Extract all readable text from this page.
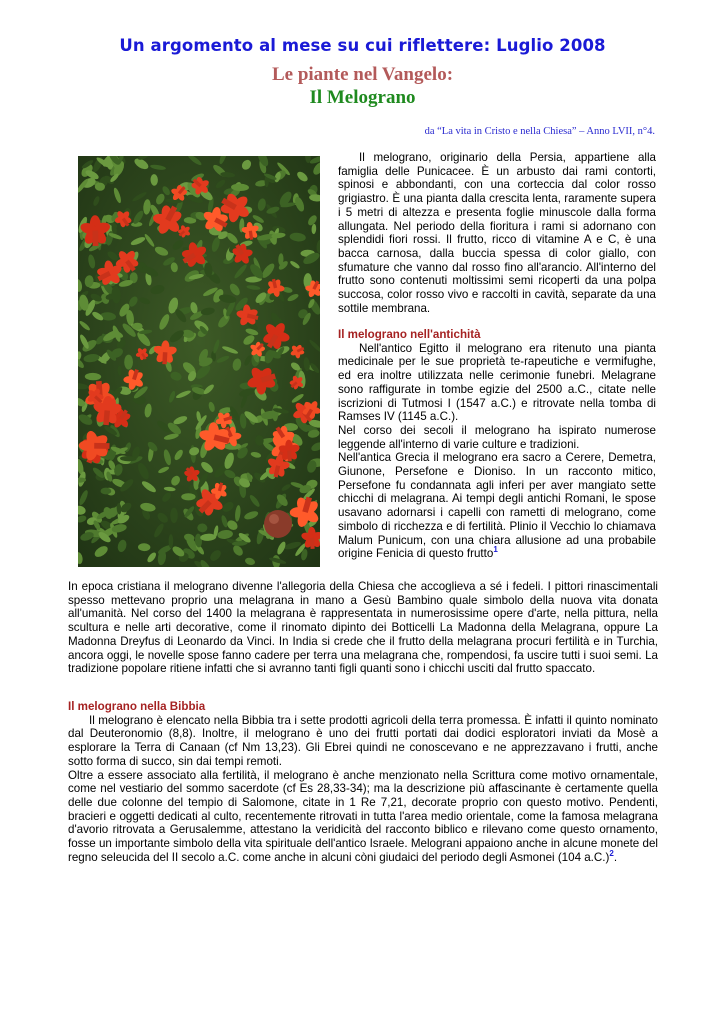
Un argomento al mese su cui riflettere: Luglio 2008
Le piante nel Vangelo:
Il Melograno
da “La vita in Cristo e nella Chiesa” – Anno LVII, n°4.

Il melograno, originario della Persia, appartiene alla famiglia delle Punicacee. È un arbusto dai rami contorti, spinosi e abbondanti, con una corteccia dal color rosso grigiastro. È una pianta dalla crescita lenta, raramente supera i 5 metri di altezza e presenta foglie minuscole dalla forma allungata. Nel periodo della fioritura i rami si adornano con splendidi fiori rossi. Il frutto, ricco di vitamine A e C, è una bacca carnosa, dalla buccia spessa di color giallo, con sfumature che vanno dal rosso fino all'arancio. All'interno del frutto sono contenuti moltissimi semi ricoperti da una polpa succosa, color rosso vivo e raccolti in cavità, separate da una sottile membrana.

Il melograno nell'antichità

Nell'antico Egitto il melograno era ritenuto una pianta medicinale per le sue proprietà te-rapeutiche e vermifughe, ed era inoltre utilizzata nelle cerimonie funebri. Melagrane sono raffigurate in tombe egizie del 2500 a.C., citate nelle iscrizioni di Tutmosi I (1547 a.C.) e ritrovate nella tomba di Ramses IV (1145 a.C.).

Nel corso dei secoli il melograno ha ispirato numerose leggende all'interno di varie culture e tradizioni.

Nell'antica Grecia il melograno era sacro a Cerere, Demetra, Giunone, Persefone e Dioniso. In un racconto mitico, Persefone fu condannata agli inferi per aver mangiato sette chicchi di melagrana. Ai tempi degli antichi Romani, le spose usavano adornarsi i capelli con rametti di melograno, come simbolo di ricchezza e di fertilità. Plinio il Vecchio lo chiamava Malum Punicum, con una chiara allusione ad una probabile origine Fenicia di questo frutto$^1$

In epoca cristiana il melograno divenne l'allegoria della Chiesa che accoglieva a sé i fedeli. I pittori rinascimentali spesso mettevano proprio una melagrana in mano a Gesù Bambino quale simbolo della nuova vita donata all'umanità. Nel corso del 1400 la melagrana è rappresentata in numerosissime opere d'arte, nella pittura, nella scultura e nelle arti decorative, come il rinomato dipinto dei Botticelli La Madonna della Melagrana, oppure La Madonna Dreyfus di Leonardo da Vinci. In India si crede che il frutto della melagrana procuri fertilità e in Turchia, ancora oggi, le novelle spose fanno cadere per terra una melagrana che, rompendosi, fa uscire tutti i suoi semi. La tradizione popolare ritiene infatti che si avranno tanti figli quanti sono i chicchi usciti dal frutto spaccato.

Il melograno nella Bibbia

Il melograno è elencato nella Bibbia tra i sette prodotti agricoli della terra promessa. È infatti il quinto nominato dal Deuteronomio (8,8). Inoltre, il melograno è uno dei frutti portati dai dodici esploratori inviati da Mosè a esplorare la Terra di Canaan (cf Nm 13,23). Gli Ebrei quindi ne conoscevano e ne apprezzavano i frutti, anche sotto forma di succo, sin dai tempi remoti.

Oltre a essere associato alla fertilità, il melograno è anche menzionato nella Scrittura come motivo ornamentale, come nel vestiario del sommo sacerdote (cf Es 28,33-34); ma la descrizione più affascinante è certamente quella delle due colonne del tempio di Salomone, citate in 1 Re 7,21, decorate proprio con questo motivo. Pendenti, bracieri e oggetti dedicati al culto, recentemente ritrovati in tutta l'area medio orientale, come la famosa melagrana d'avorio ritrovata a Gerusalemme, attestano la veridicità del racconto biblico e rilevano come questo ornamento, fosse un importante simbolo della vita spirituale dell'antico Israele. Melograni appaiono anche in alcune monete del regno seleucida del II secolo a.C. come anche in alcuni còni giudaici del periodo degli Asmonei (104 a.C.)$^2$.
